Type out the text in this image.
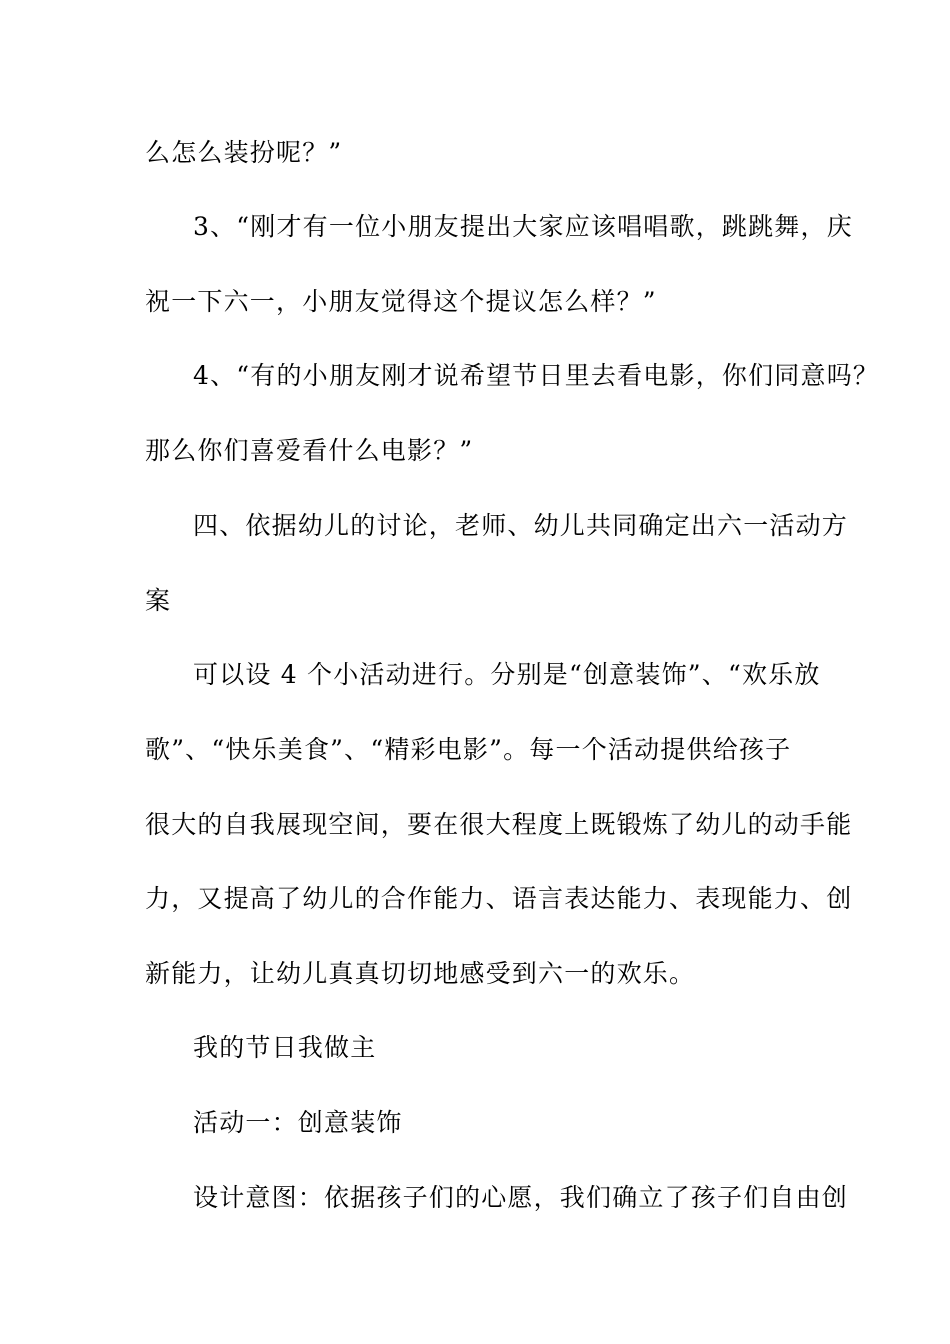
么怎么装扮呢？”

3、“刚才有一位小朋友提出大家应该唱唱歌，跳跳舞，庆

祝一下六一，小朋友觉得这个提议怎么样？”

4、“有的小朋友刚才说希望节日里去看电影，你们同意吗？

那么你们喜爱看什么电影？”

四、依据幼儿的讨论，老师、幼儿共同确定出六一活动方

案

可以设 4 个小活动进行。分别是“创意装饰”、“欢乐放

歌”、“快乐美食”、“精彩电影”。每一个活动提供给孩子

很大的自我展现空间，要在很大程度上既锻炼了幼儿的动手能

力，又提高了幼儿的合作能力、语言表达能力、表现能力、创

新能力，让幼儿真真切切地感受到六一的欢乐。

我的节日我做主

活动一：创意装饰

设计意图：依据孩子们的心愿，我们确立了孩子们自由创
